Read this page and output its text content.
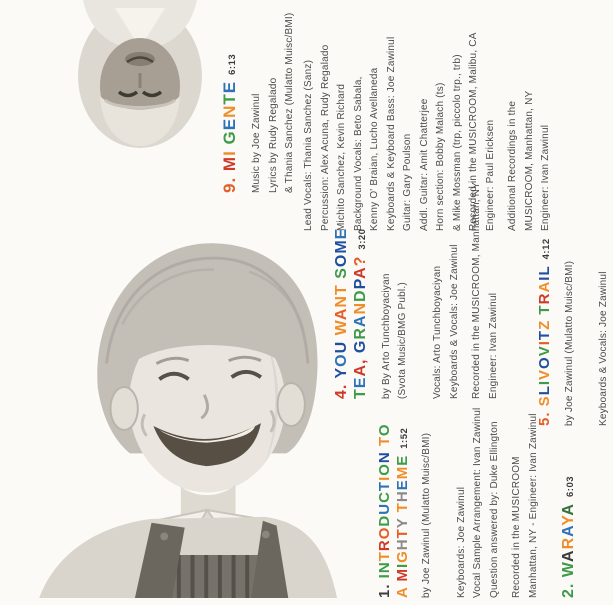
9. MI GENTE6:13
Music by Joe Zawinul Lyrics by Rudy Regalado & Thania Sanchez (Mulatto Muisc/BMI) Lead Vocals: Thania Sanchez (Sanz) Percussion: Alex Acuna, Rudy Regalado Michito Sanchez, Kevin Richard Background Vocals: Beto Sabala, Kenny O' Braian, Lucho Avellaneda Keyboards & Keyboard Bass: Joe Zawinul Guitar: Gary Poulson Addl. Guitar: Amit Chatterjee Horn section: Bobby Malach (ts) & Mike Mossman (trp, piccolo trp., trb) Recorded in the MUSICROOM, Malibu, CA Engineer: Paul Ericksen	Additional Recordings in the MUSICROOM, Manhattan, NY Engineer: Ivan Zawinul
4. YOU WANT SOME
TEA, GRANDPA?3:20
by By Arto Tunchboyaciyan (Svota Music/BMG Publ.)	Vocals: Arto Tunchboyaciyan Keyboards & Vocals: Joe Zawinul	Recorded in the MUSICROOM, Manhattan, NY Engineer: Ivan Zawinul
5. SLIVOVITZ TRAIL4:12
by Joe Zawinul (Mulatto Muisc/BMI)	Keyboards & Vocals: Joe Zawinul
1. INTRODUCTION TO
A MIGHTY THEME1:52	by Joe Zawinul (Mulatto Muisc/BMI)	Keyboards: Joe Zawinul Vocal Sample Arrangement: Ivan Zawinul Question answered by: Duke Ellington	Recorded in the MUSICROOM Manhattan, NY - Engineer: Ivan Zawinul 2. WARAYA6:03
